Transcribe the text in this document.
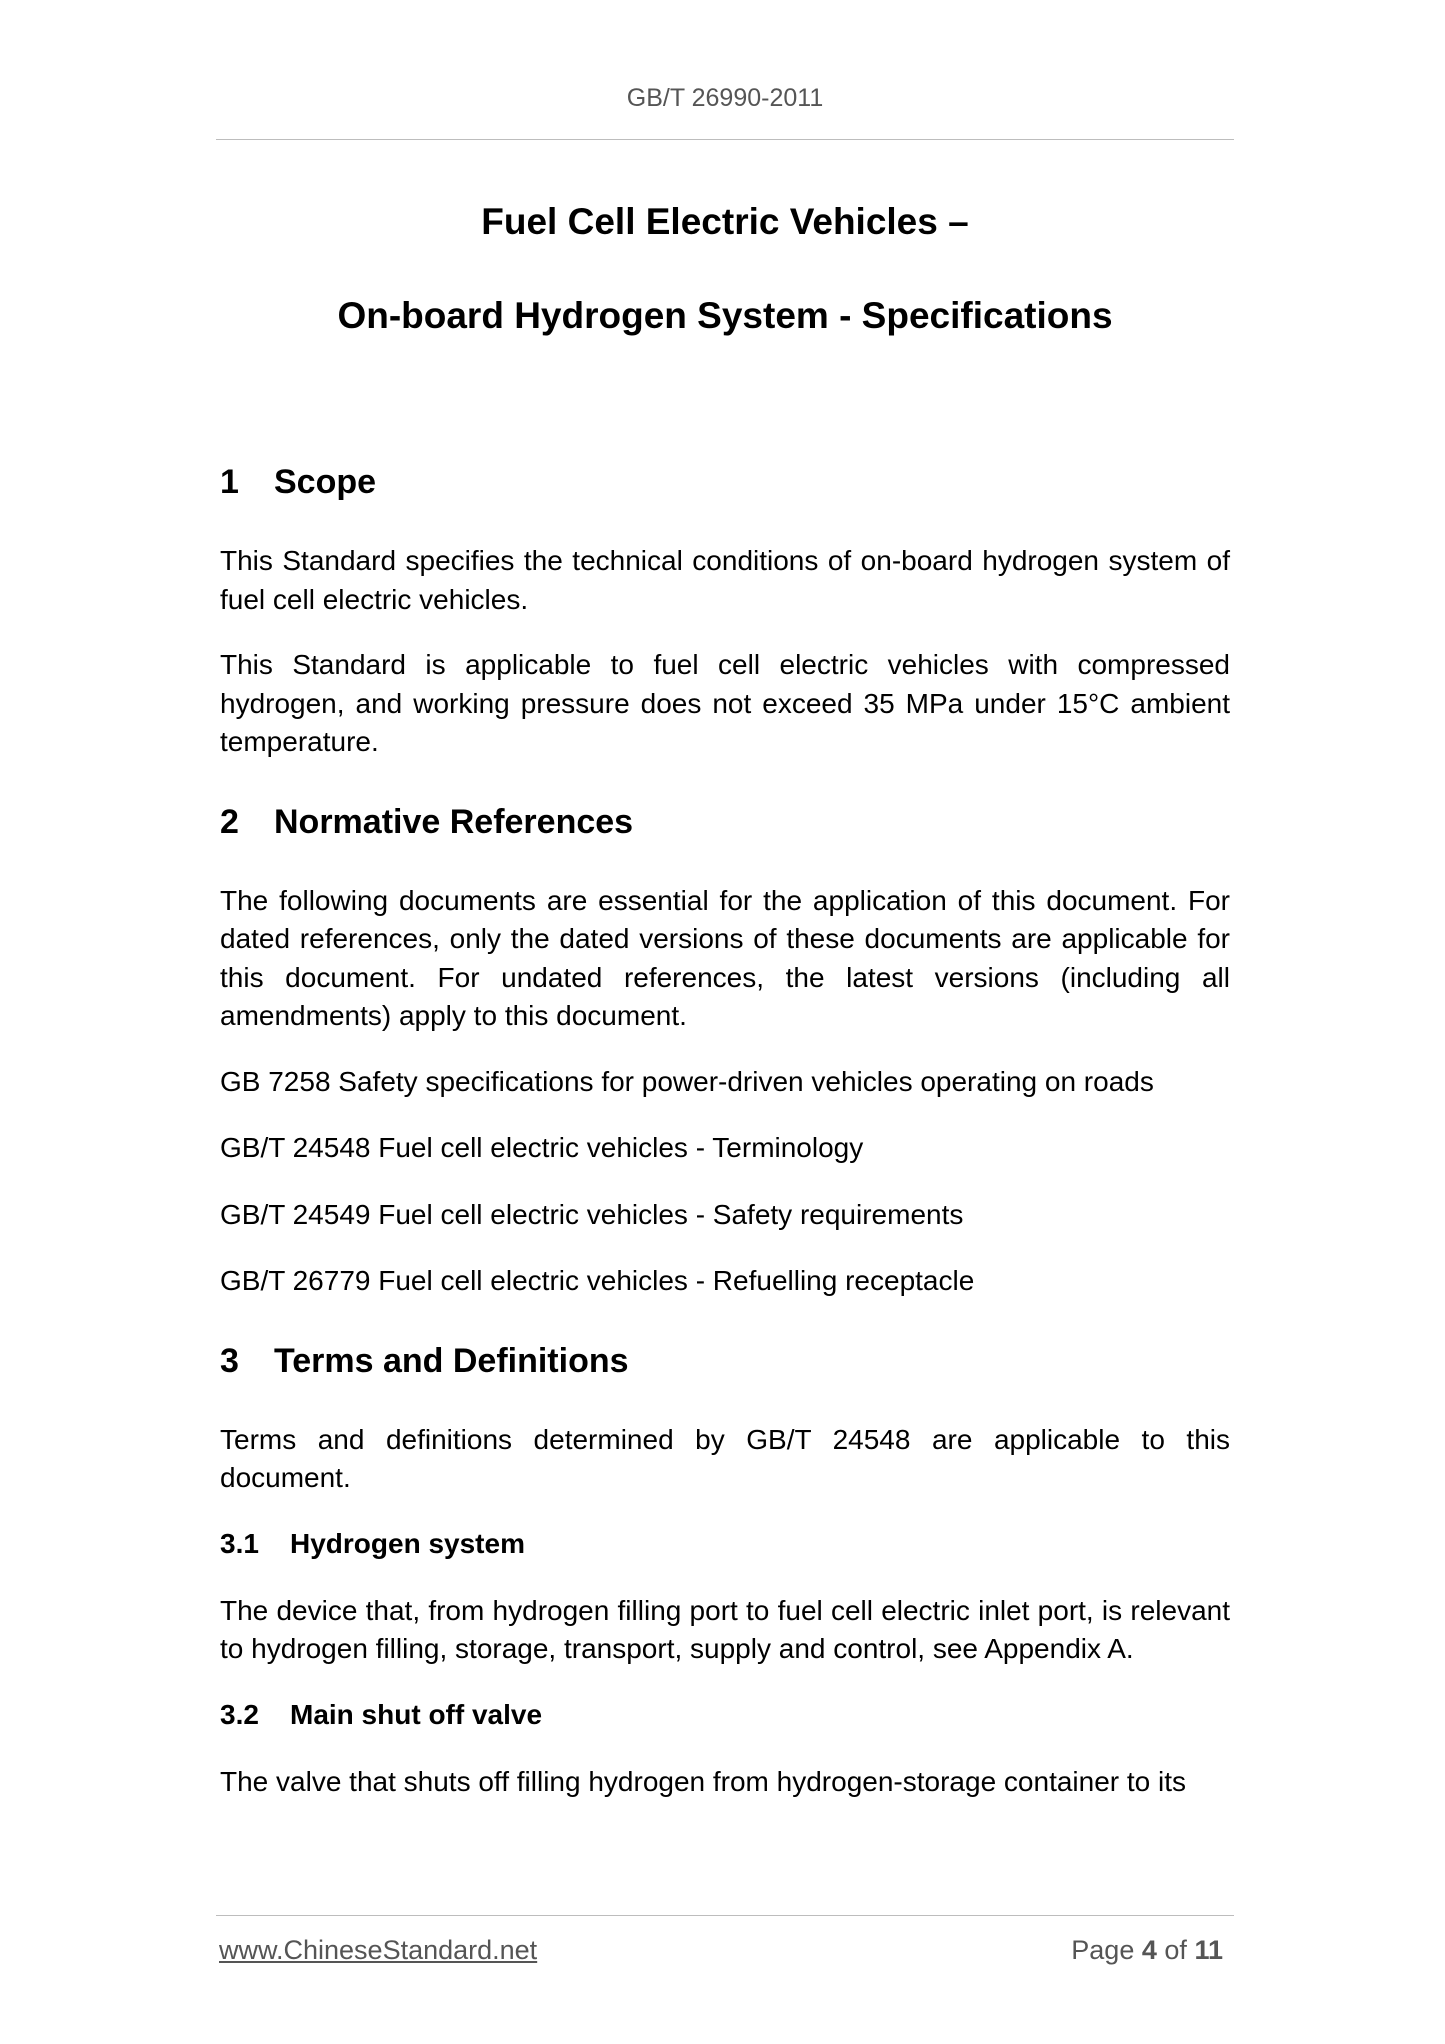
GB/T 26990-2011
Fuel Cell Electric Vehicles –
On-board Hydrogen System - Specifications
1	Scope

This Standard specifies the technical conditions of on-board hydrogen system of fuel cell electric vehicles.

This Standard is applicable to fuel cell electric vehicles with compressed hydrogen, and working pressure does not exceed 35 MPa under 15°C ambient temperature.

2	Normative References

The following documents are essential for the application of this document. For dated references, only the dated versions of these documents are applicable for this document. For undated references, the latest versions (including all amendments) apply to this document.

GB 7258 Safety specifications for power-driven vehicles operating on roads

GB/T 24548 Fuel cell electric vehicles - Terminology

GB/T 24549 Fuel cell electric vehicles - Safety requirements

GB/T 26779 Fuel cell electric vehicles - Refuelling receptacle

3	Terms and Definitions

Terms and definitions determined by GB/T 24548 are applicable to this document.

3.1	Hydrogen system

The device that, from hydrogen filling port to fuel cell electric inlet port, is relevant to hydrogen filling, storage, transport, supply and control, see Appendix A.

3.2	Main shut off valve

The valve that shuts off filling hydrogen from hydrogen-storage container to its

www.ChineseStandard.net	Page 4 of 11
